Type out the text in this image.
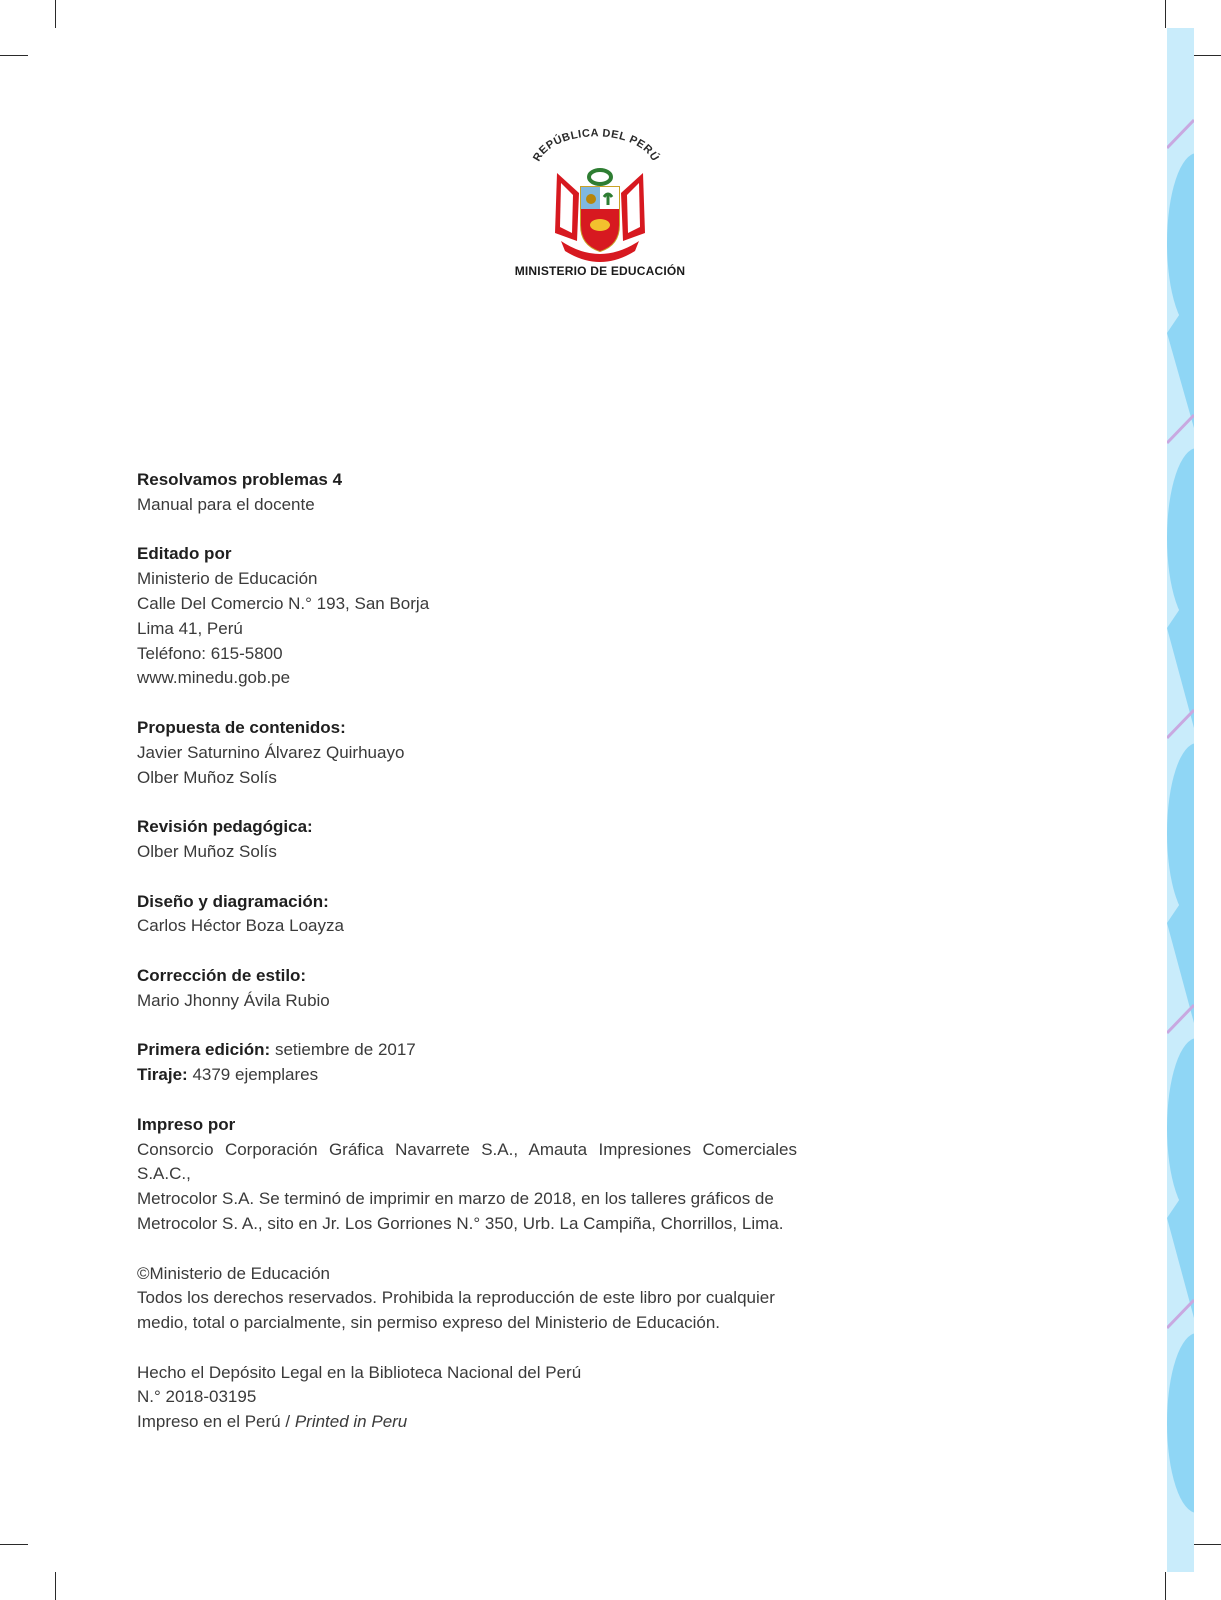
REPÚBLICA DEL PERÚ
MINISTERIO DE EDUCACIÓN

Resolvamos problemas 4

Manual para el docente

Editado por

Ministerio de Educación

Calle Del Comercio N.° 193, San Borja

Lima 41, Perú

Teléfono: 615-5800

www.minedu.gob.pe

Propuesta de contenidos:

Javier Saturnino Álvarez Quirhuayo

Olber Muñoz Solís

Revisión pedagógica:

Olber Muñoz Solís

Diseño y diagramación:

Carlos Héctor Boza Loayza

Corrección de estilo:

Mario Jhonny Ávila Rubio

Primera edición: setiembre de 2017

Tiraje: 4379 ejemplares

Impreso por

Consorcio Corporación Gráfica Navarrete S.A., Amauta Impresiones Comerciales S.A.C.,

Metrocolor S.A. Se terminó de imprimir en marzo de 2018, en los talleres gráficos de

Metrocolor S. A., sito en Jr. Los Gorriones N.° 350, Urb. La Campiña, Chorrillos, Lima.

©Ministerio de Educación

Todos los derechos reservados. Prohibida la reproducción de este libro por cualquier

medio, total o parcialmente, sin permiso expreso del Ministerio de Educación.

Hecho el Depósito Legal en la Biblioteca Nacional del Perú

N.° 2018-03195

Impreso en el Perú / Printed in Peru
